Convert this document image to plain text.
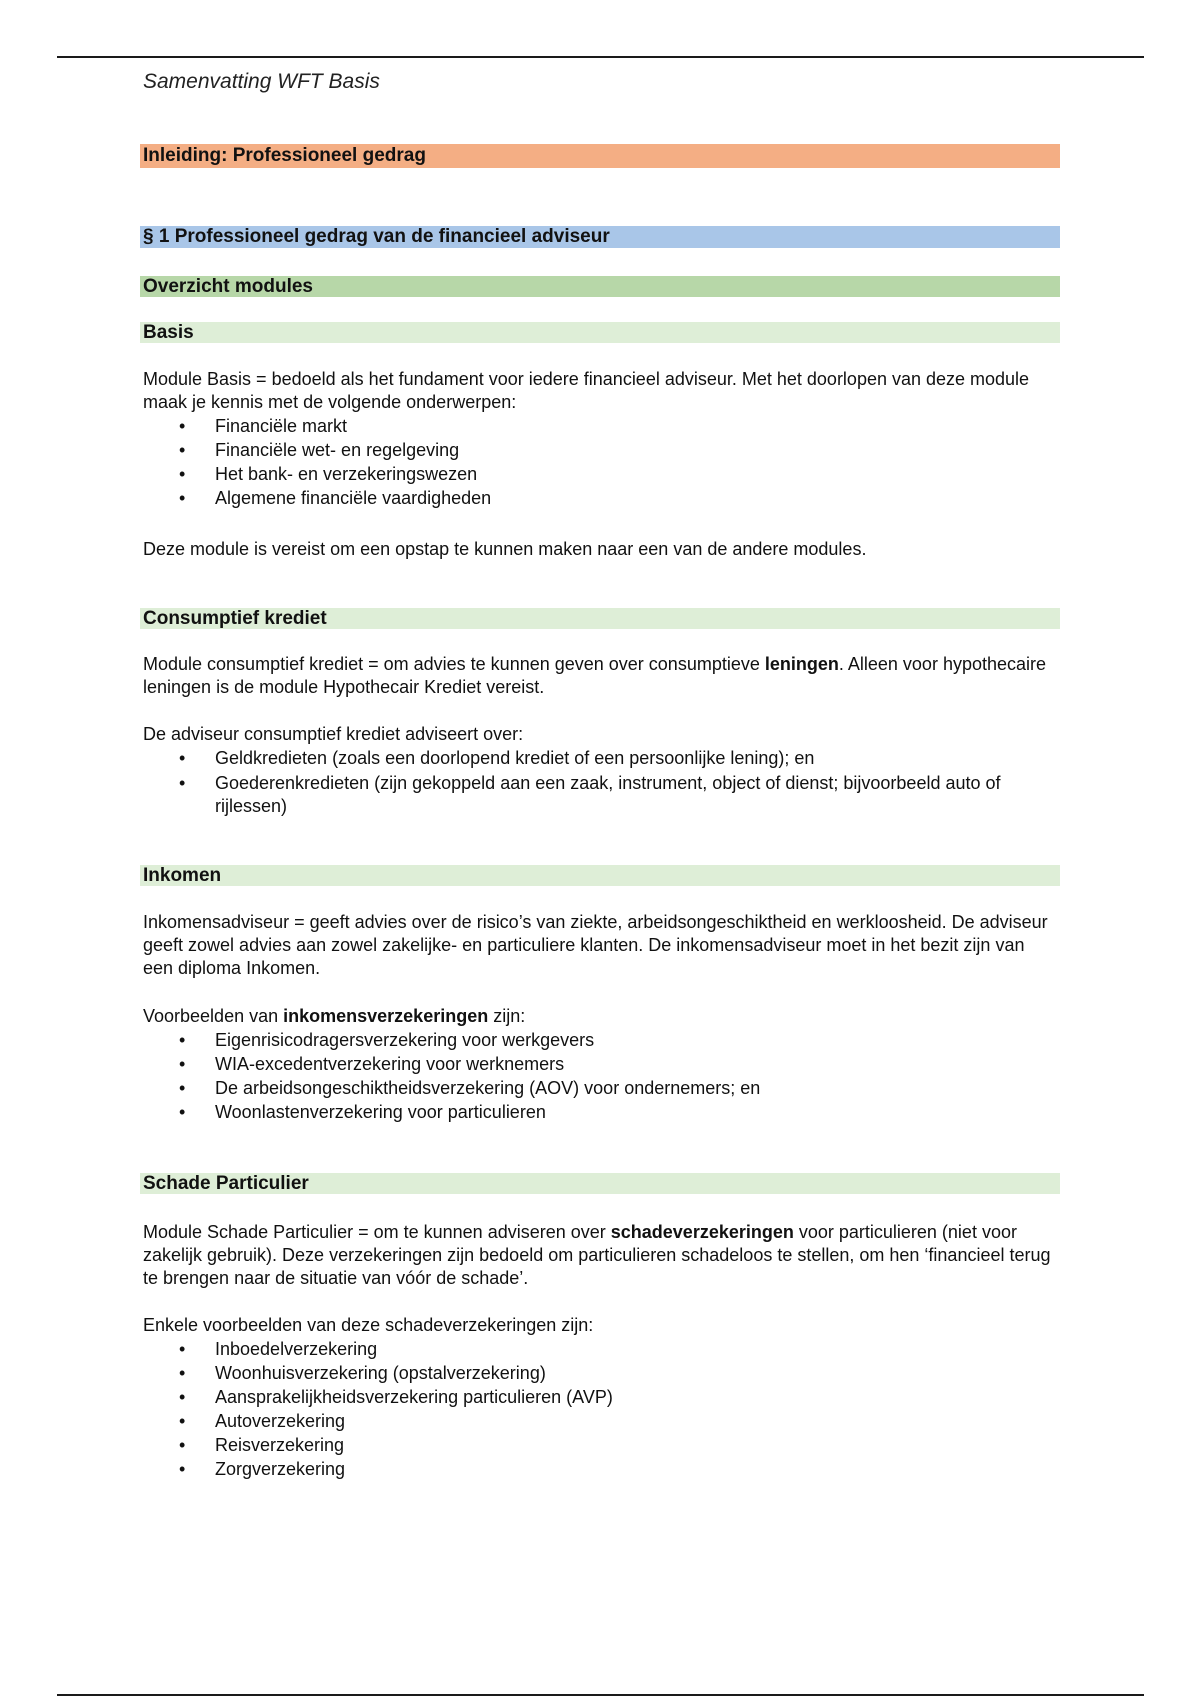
Samenvatting WFT Basis
Inleiding: Professioneel gedrag
§ 1 Professioneel gedrag van de financieel adviseur
Overzicht modules
Basis

Module Basis = bedoeld als het fundament voor iedere financieel adviseur. Met het doorlopen van deze module maak je kennis met de volgende onderwerpen:

• Financiële markt
• Financiële wet- en regelgeving
• Het bank- en verzekeringswezen
• Algemene financiële vaardigheden
Deze module is vereist om een opstap te kunnen maken naar een van de andere modules.
Consumptief krediet

Module consumptief krediet = om advies te kunnen geven over consumptieve leningen. Alleen voor hypothecaire leningen is de module Hypothecair Krediet vereist.

De adviseur consumptief krediet adviseert over:

• Geldkredieten (zoals een doorlopend krediet of een persoonlijke lening); en
• Goederenkredieten (zijn gekoppeld aan een zaak, instrument, object of dienst; bijvoorbeeld auto of rijlessen)
Inkomen
Inkomensadviseur = geeft advies over de risico’s van ziekte, arbeidsongeschiktheid en werkloosheid. De adviseur geeft zowel advies aan zowel zakelijke- en particuliere klanten. De inkomensadviseur moet in het bezit zijn van een diploma Inkomen.

Voorbeelden van inkomensverzekeringen zijn:

• Eigenrisicodragersverzekering voor werkgevers
• WIA-excedentverzekering voor werknemers
• De arbeidsongeschiktheidsverzekering (AOV) voor ondernemers; en
• Woonlastenverzekering voor particulieren
Schade Particulier

Module Schade Particulier = om te kunnen adviseren over schadeverzekeringen voor particulieren (niet voor zakelijk gebruik). Deze verzekeringen zijn bedoeld om particulieren schadeloos te stellen, om hen ‘financieel terug te brengen naar de situatie van vóór de schade’.

Enkele voorbeelden van deze schadeverzekeringen zijn:

• Inboedelverzekering
• Woonhuisverzekering (opstalverzekering)
• Aansprakelijkheidsverzekering particulieren (AVP)
• Autoverzekering
• Reisverzekering
• Zorgverzekering
